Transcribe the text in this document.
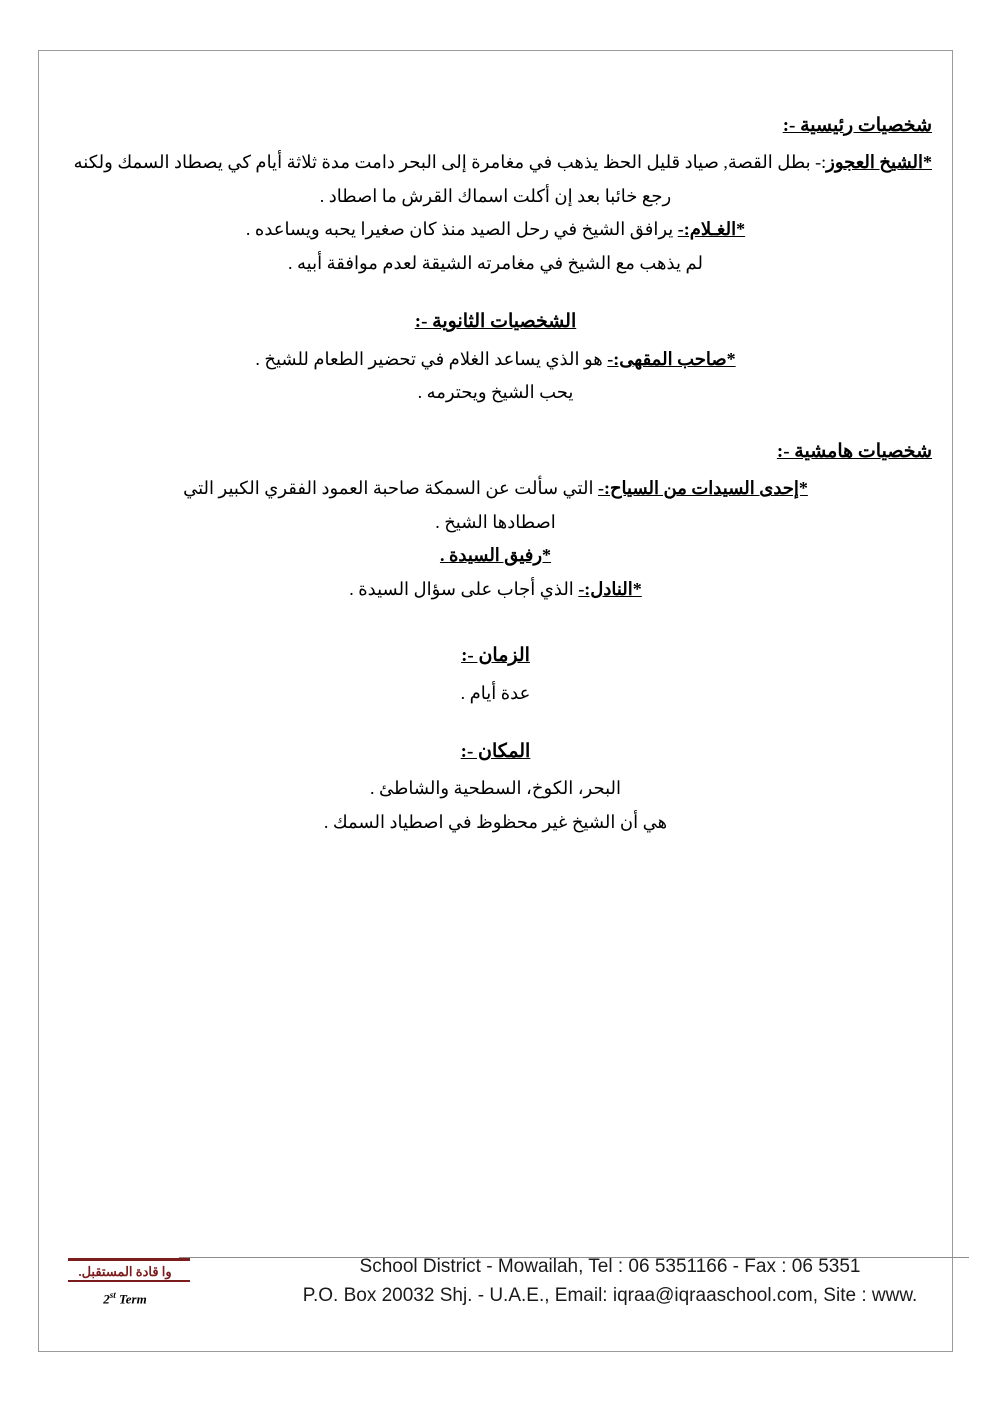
شخصيات رئيسية -:

*الشيخ العجوز:- بطل القصة, صياد قليل الحظ يذهب في مغامرة إلى البحر دامت مدة ثلاثة أيام كي يصطاد السمك ولكنه

رجع خائبا بعد إن أكلت اسماك القرش ما اصطاد .

*الغـلام:- يرافق الشيخ في رحل الصيد منذ كان صغيرا يحبه ويساعده .

لم يذهب مع الشيخ في مغامرته الشيقة لعدم موافقة أبيه .

الشخصيات الثانوية -:

*صاحب المقهى:- هو الذي يساعد الغلام في تحضير الطعام للشيخ .

يحب الشيخ ويحترمه .

شخصيات هامشية -:

*إحدى السيدات من السياح:- التي سألت عن السمكة صاحبة العمود الفقري الكبير التي

اصطادها الشيخ .

*رفيق السيدة .

*النادل:- الذي أجاب على سؤال السيدة .

الزمان -:

عدة أيام .

المكان -:

البحر، الكوخ، السطحية والشاطئ .

هي أن الشيخ غير محظوظ في اصطياد السمك .

وا قادة المستقبل.
2st Term
School District - Mowailah, Tel : 06 5351166 - Fax : 06 5351
P.O. Box 20032 Shj. - U.A.E., Email: iqraa@iqraaschool.com, Site : www.
